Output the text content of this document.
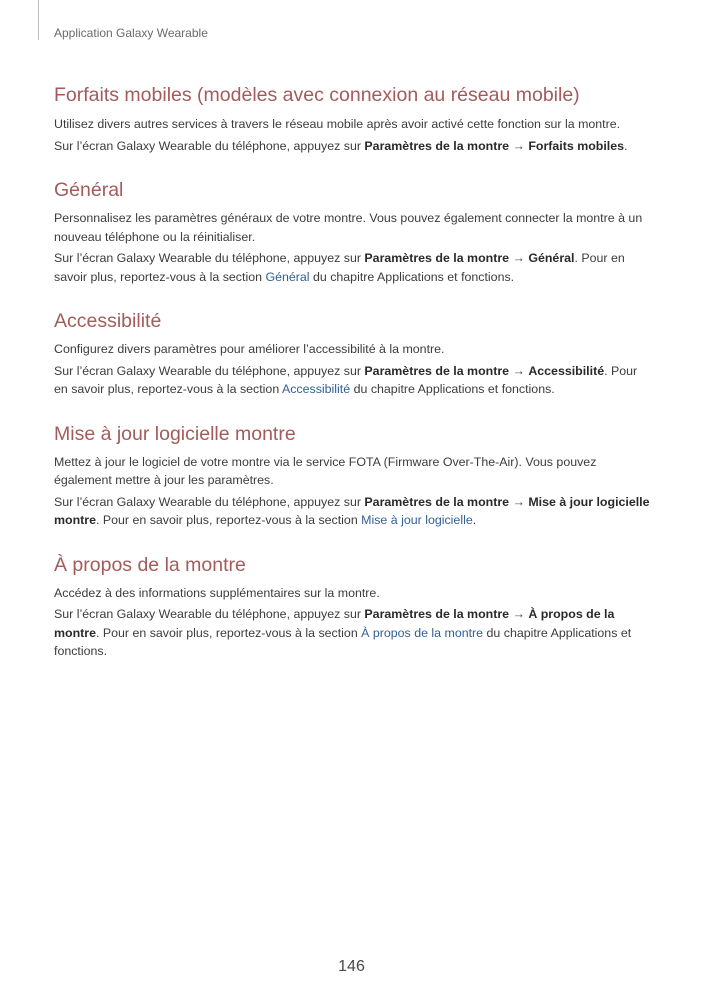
Application Galaxy Wearable
Forfaits mobiles (modèles avec connexion au réseau mobile)

Utilisez divers autres services à travers le réseau mobile après avoir activé cette fonction sur la montre.

Sur l’écran Galaxy Wearable du téléphone, appuyez sur Paramètres de la montre → Forfaits mobiles.

Général

Personnalisez les paramètres généraux de votre montre. Vous pouvez également connecter la montre à un nouveau téléphone ou la réinitialiser.

Sur l’écran Galaxy Wearable du téléphone, appuyez sur Paramètres de la montre → Général. Pour en savoir plus, reportez-vous à la section Général du chapitre Applications et fonctions.

Accessibilité

Configurez divers paramètres pour améliorer l’accessibilité à la montre.

Sur l’écran Galaxy Wearable du téléphone, appuyez sur Paramètres de la montre → Accessibilité. Pour en savoir plus, reportez-vous à la section Accessibilité du chapitre Applications et fonctions.

Mise à jour logicielle montre

Mettez à jour le logiciel de votre montre via le service FOTA (Firmware Over-The-Air). Vous pouvez également mettre à jour les paramètres.

Sur l’écran Galaxy Wearable du téléphone, appuyez sur Paramètres de la montre → Mise à jour logicielle montre. Pour en savoir plus, reportez-vous à la section Mise à jour logicielle.

À propos de la montre

Accédez à des informations supplémentaires sur la montre.

Sur l’écran Galaxy Wearable du téléphone, appuyez sur Paramètres de la montre → À propos de la montre. Pour en savoir plus, reportez-vous à la section À propos de la montre du chapitre Applications et fonctions.

146
